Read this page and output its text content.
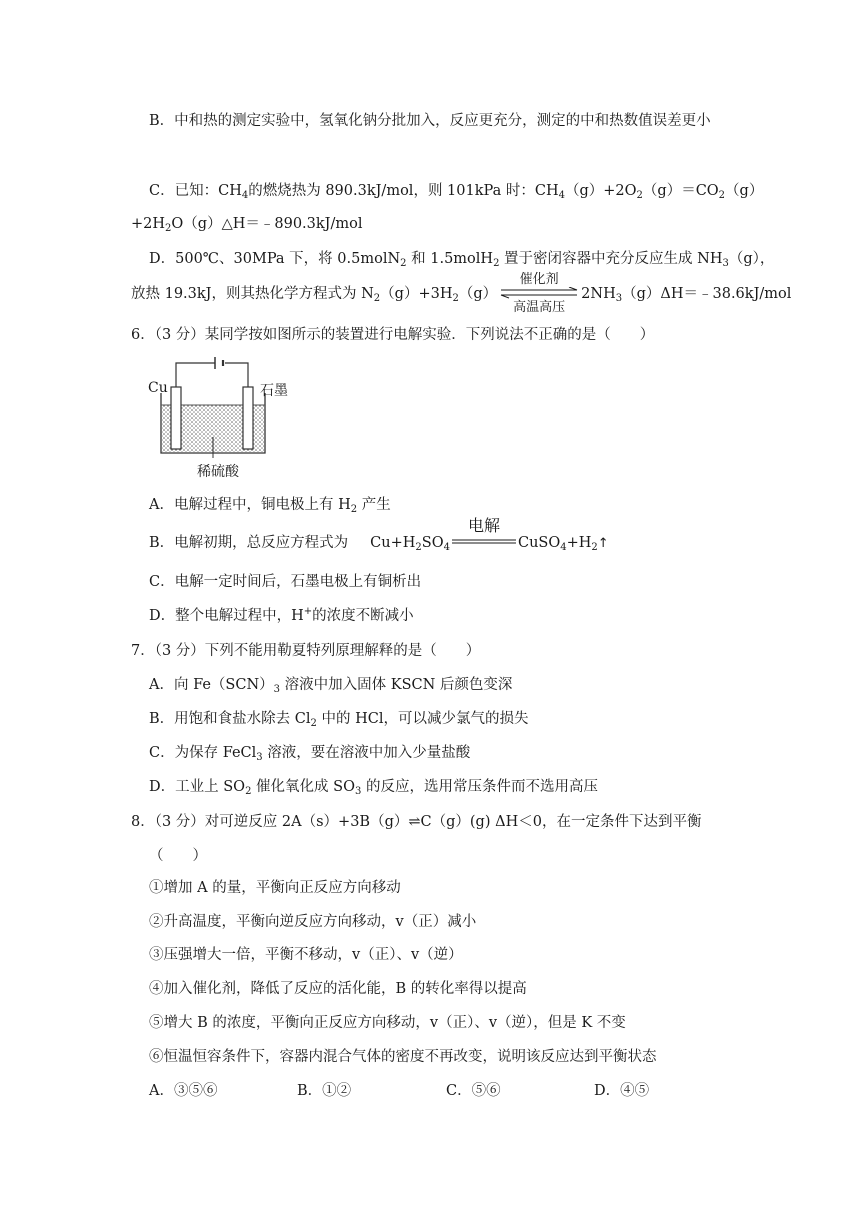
B．中和热的测定实验中，氢氧化钠分批加入，反应更充分，测定的中和热数值误差更小
C．已知：$CH_4$的燃烧热为 890.3kJ/mol，则 101kPa 时：$CH_4(g)+2O_2(g)=CO_2(g)$
$+2H_2O(g)\triangle H=﹣890.3kJ$/mol
D．500℃、30MPa 下，将 0.5molN$_2$ 和 1.5molH$_2$ 置于密闭容器中充分反应生成 $NH_3(g)$，
放热 19.3kJ，则其热化学方程式为 $N_2(g)+3H_2(g)$
催化剂
高温高压
$2NH_3(g)\Delta H=﹣38.6kJ$/mol
6．（3 分）某同学按如图所示的装置进行电解实验．下列说法不正确的是（　　）
Cu	石墨
稀硫酸
A．电解过程中，铜电极上有 $H_2$ 产生
B．电解初期，总反应方程式为 $Cu+H_2SO_4$
电解
$CuSO_4+H_2↑$
C．电解一定时间后，石墨电极上有铜析出
D．整个电解过程中，H+的浓度不断减小
7．（3 分）下列不能用勒夏特列原理解释的是（　　）
A．向 $Fe(SCN)_3$ 溶液中加入固体 KSCN 后颜色变深
B．用饱和食盐水除去 $Cl_2$ 中的 HCl，可以减少氯气的损失
C．为保存 FeCl$_3$ 溶液，要在溶液中加入少量盐酸
D．工业上 $SO_2$ 催化氧化成 $SO_3$ 的反应，选用常压条件而不选用高压
8．（3 分）对可逆反应 2A（s）+3B（g）⇌C（g）(g) ΔH＜0，在一定条件下达到平衡
（　　）
①增加 A 的量，平衡向正反应方向移动
②升高温度，平衡向逆反应方向移动，v（正）减小
③压强增大一倍，平衡不移动，v（正）、v（逆）
④加入催化剂，降低了反应的活化能，B 的转化率得以提高
⑤增大 B 的浓度，平衡向正反应方向移动，v（正）、v（逆），但是 K 不变
⑥恒温恒容条件下，容器内混合气体的密度不再改变，说明该反应达到平衡状态
A．③⑤⑥	B．①②	C．⑤⑥	D．④⑤
